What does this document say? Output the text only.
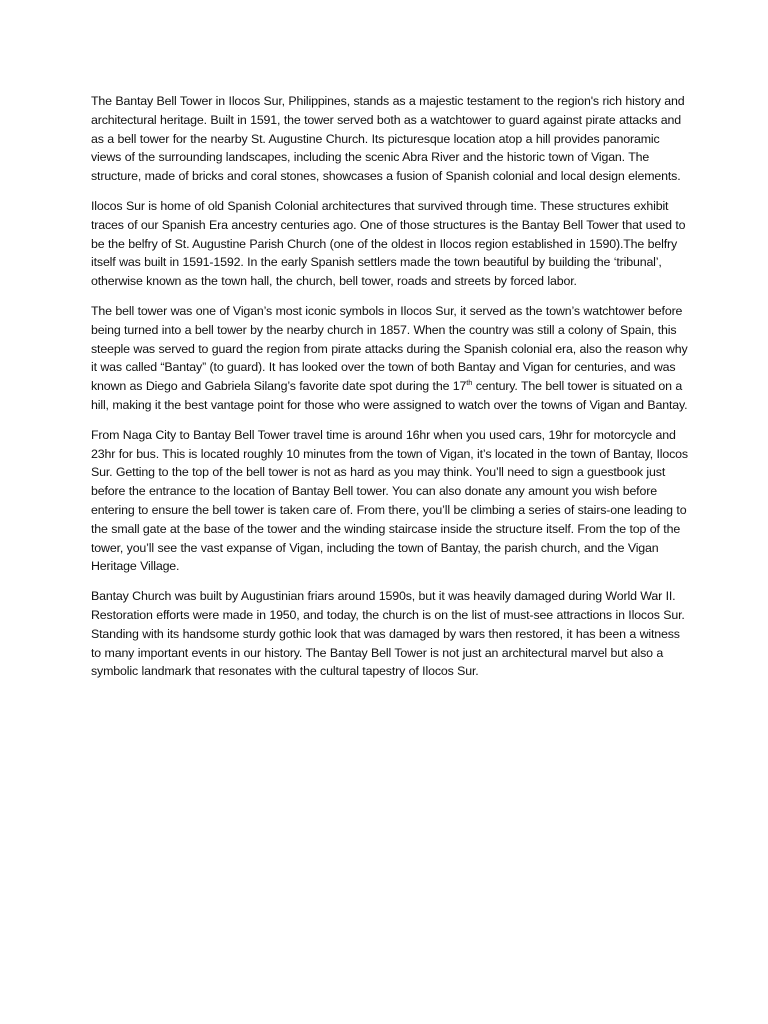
The Bantay Bell Tower in Ilocos Sur, Philippines, stands as a majestic testament to the region's rich history and architectural heritage. Built in 1591, the tower served both as a watchtower to guard against pirate attacks and as a bell tower for the nearby St. Augustine Church. Its picturesque location atop a hill provides panoramic views of the surrounding landscapes, including the scenic Abra River and the historic town of Vigan. The structure, made of bricks and coral stones, showcases a fusion of Spanish colonial and local design elements.

Ilocos Sur is home of old Spanish Colonial architectures that survived through time. These structures exhibit traces of our Spanish Era ancestry centuries ago. One of those structures is the Bantay Bell Tower that used to be the belfry of St. Augustine Parish Church (one of the oldest in Ilocos region established in 1590).The belfry itself was built in 1591-1592. In the early Spanish settlers made the town beautiful by building the ‘tribunal’, otherwise known as the town hall, the church, bell tower, roads and streets by forced labor.

The bell tower was one of Vigan’s most iconic symbols in Ilocos Sur, it served as the town’s watchtower before being turned into a bell tower by the nearby church in 1857. When the country was still a colony of Spain, this steeple was served to guard the region from pirate attacks during the Spanish colonial era, also the reason why it was called “Bantay” (to guard). It has looked over the town of both Bantay and Vigan for centuries, and was known as Diego and Gabriela Silang’s favorite date spot during the 17th century. The bell tower is situated on a hill, making it the best vantage point for those who were assigned to watch over the towns of Vigan and Bantay.

From Naga City to Bantay Bell Tower travel time is around 16hr when you used cars, 19hr for motorcycle and 23hr for bus. This is located roughly 10 minutes from the town of Vigan, it’s located in the town of Bantay, Ilocos Sur. Getting to the top of the bell tower is not as hard as you may think. You’ll need to sign a guestbook just before the entrance to the location of Bantay Bell tower. You can also donate any amount you wish before entering to ensure the bell tower is taken care of. From there, you’ll be climbing a series of stairs-one leading to the small gate at the base of the tower and the winding staircase inside the structure itself. From the top of the tower, you’ll see the vast expanse of Vigan, including the town of Bantay, the parish church, and the Vigan Heritage Village.

Bantay Church was built by Augustinian friars around 1590s, but it was heavily damaged during World War II. Restoration efforts were made in 1950, and today, the church is on the list of must-see attractions in Ilocos Sur. Standing with its handsome sturdy gothic look that was damaged by wars then restored, it has been a witness to many important events in our history. The Bantay Bell Tower is not just an architectural marvel but also a symbolic landmark that resonates with the cultural tapestry of Ilocos Sur.
